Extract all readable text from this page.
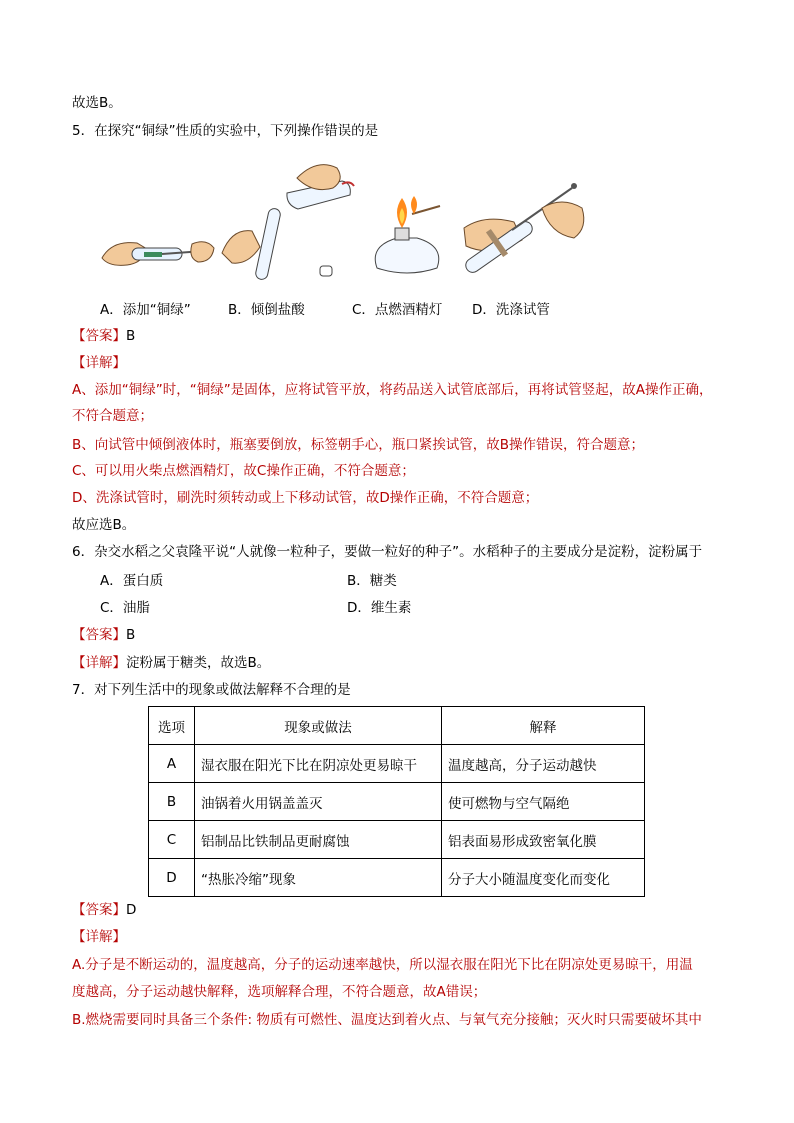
故选B。
5．在探究“铜绿”性质的实验中，下列操作错误的是
A．添加“铜绿”	B．倾倒盐酸	C．点燃酒精灯 D．洗涤试管
【答案】B
【详解】
A、添加“铜绿”时，“铜绿”是固体，应将试管平放，将药品送入试管底部后，再将试管竖起，故A操作正确，
不符合题意；
B、向试管中倾倒液体时，瓶塞要倒放，标签朝手心，瓶口紧挨试管，故B操作错误，符合题意；
C、可以用火柴点燃酒精灯，故C操作正确，不符合题意；
D、洗涤试管时，刷洗时须转动或上下移动试管，故D操作正确，不符合题意；
故应选B。
6．杂交水稻之父袁隆平说“人就像一粒种子，要做一粒好的种子”。水稻种子的主要成分是淀粉，淀粉属于
A．蛋白质	B．糖类
C．油脂	D．维生素
【答案】B
【详解】淀粉属于糖类，故选B。
7．对下列生活中的现象或做法解释不合理的是
选项	现象或做法	解释
A	湿衣服在阳光下比在阴凉处更易晾干	温度越高，分子运动越快
B	油锅着火用锅盖盖灭	使可燃物与空气隔绝
C	铝制品比铁制品更耐腐蚀	铝表面易形成致密氧化膜
D	“热胀冷缩”现象	分子大小随温度变化而变化
【答案】D
【详解】
A.分子是不断运动的，温度越高，分子的运动速率越快，所以湿衣服在阳光下比在阴凉处更易晾干，用温
度越高，分子运动越快解释，选项解释合理，不符合题意，故A错误；
B.燃烧需要同时具备三个条件: 物质有可燃性、温度达到着火点、与氧气充分接触；灭火时只需要破坏其中
